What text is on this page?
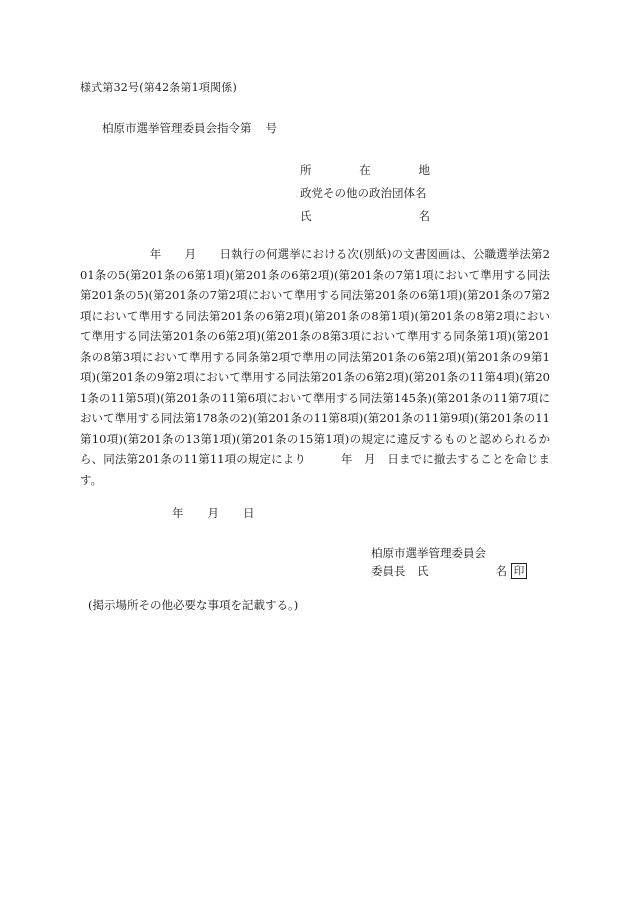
様式第32号(第42条第1項関係)
柏原市選挙管理委員会指令第 号
所	在	地
政党その他の政治団体名
氏	名
　　　　　　年　　月　　日執行の何選挙における次(別紙)の文書図画は、公職選挙法第2
01条の5(第201条の6第1項)(第201条の6第2項)(第201条の7第1項において準用する同法
第201条の5)(第201条の7第2項において準用する同法第201条の6第1項)(第201条の7第2
項において準用する同法第201条の6第2項)(第201条の8第1項)(第201条の8第2項におい
て準用する同法第201条の6第2項)(第201条の8第3項において準用する同条第1項)(第201
条の8第3項において準用する同条第2項で準用の同法第201条の6第2項)(第201条の9第1
項)(第201条の9第2項において準用する同法第201条の6第2項)(第201条の11第4項)(第20
1条の11第5項)(第201条の11第6項において準用する同法第145条)(第201条の11第7項に
おいて準用する同法第178条の2)(第201条の11第8項)(第201条の11第9項)(第201条の11
第10項)(第201条の13第1項)(第201条の15第1項)の規定に違反するものと認められるか
ら、同法第201条の11第11項の規定により　　　年　月　日までに撤去することを命じま
す。
年 月 日
柏原市選挙管理委員会
委員長　氏	名 印
(掲示場所その他必要な事項を記載する。)
